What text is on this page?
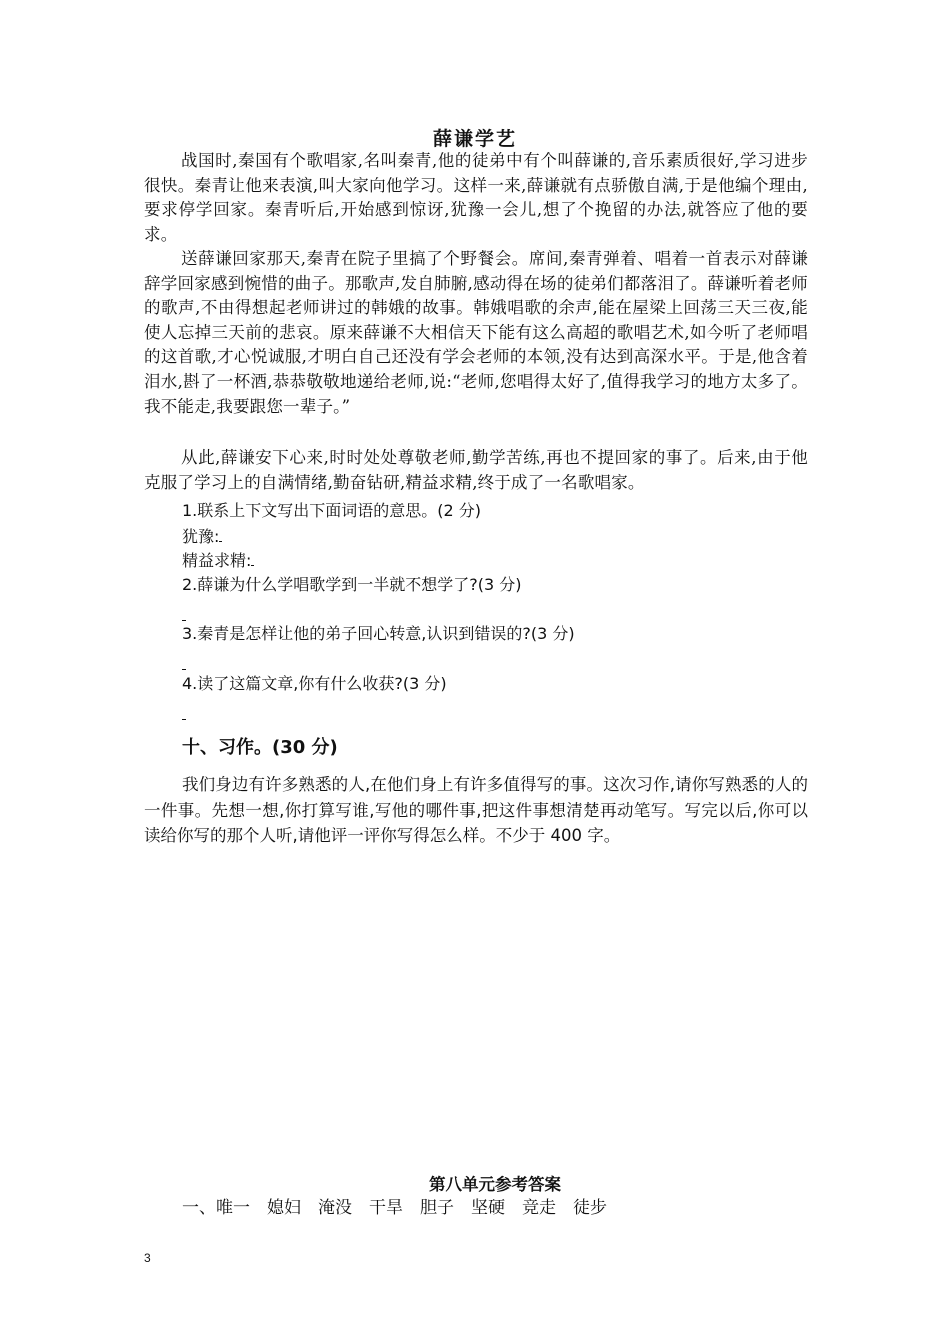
薛谦学艺
战国时,秦国有个歌唱家,名叫秦青,他的徒弟中有个叫薛谦的,音乐素质很好,学习进步很快。秦青让他来表演,叫大家向他学习。这样一来,薛谦就有点骄傲自满,于是他编个理由,要求停学回家。秦青听后,开始感到惊讶,犹豫一会儿,想了个挽留的办法,就答应了他的要求。
送薛谦回家那天,秦青在院子里搞了个野餐会。席间,秦青弹着、唱着一首表示对薛谦辞学回家感到惋惜的曲子。那歌声,发自肺腑,感动得在场的徒弟们都落泪了。薛谦听着老师的歌声,不由得想起老师讲过的韩娥的故事。韩娥唱歌的余声,能在屋梁上回荡三天三夜,能使人忘掉三天前的悲哀。原来薛谦不大相信天下能有这么高超的歌唱艺术,如今听了老师唱的这首歌,才心悦诚服,才明白自己还没有学会老师的本领,没有达到高深水平。于是,他含着泪水,斟了一杯酒,恭恭敬敬地递给老师,说:“老师,您唱得太好了,值得我学习的地方太多了。我不能走,我要跟您一辈子。”
从此,薛谦安下心来,时时处处尊敬老师,勤学苦练,再也不提回家的事了。后来,由于他克服了学习上的自满情绪,勤奋钻研,精益求精,终于成了一名歌唱家。
1.联系上下文写出下面词语的意思。(2 分)
犹豫:
精益求精:
2.薛谦为什么学唱歌学到一半就不想学了?(3 分)
3.秦青是怎样让他的弟子回心转意,认识到错误的?(3 分)
4.读了这篇文章,你有什么收获?(3 分)
十、习作。(30 分)
我们身边有许多熟悉的人,在他们身上有许多值得写的事。这次习作,请你写熟悉的人的一件事。先想一想,你打算写谁,写他的哪件事,把这件事想清楚再动笔写。写完以后,你可以读给你写的那个人听,请他评一评你写得怎么样。不少于 400 字。
第八单元参考答案
一、唯一 媳妇 淹没 干旱 胆子 坚硬 竞走 徒步
3
